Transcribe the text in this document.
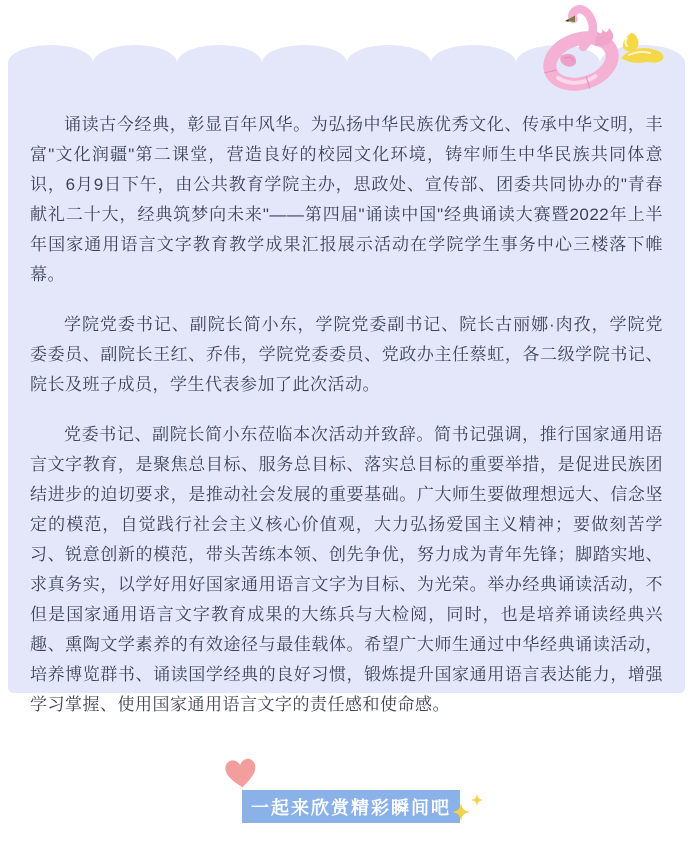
诵读古今经典，彰显百年风华。为弘扬中华民族优秀文化、传承中华文明，丰富"文化润疆"第二课堂，营造良好的校园文化环境，铸牢师生中华民族共同体意识，6月9日下午，由公共教育学院主办，思政处、宣传部、团委共同协办的"青春献礼二十大，经典筑梦向未来"——第四届"诵读中国"经典诵读大赛暨2022年上半年国家通用语言文字教育教学成果汇报展示活动在学院学生事务中心三楼落下帷幕。

学院党委书记、副院长简小东，学院党委副书记、院长古丽娜·肉孜，学院党委委员、副院长王红、乔伟，学院党委委员、党政办主任蔡虹，各二级学院书记、院长及班子成员，学生代表参加了此次活动。

党委书记、副院长简小东莅临本次活动并致辞。简书记强调，推行国家通用语言文字教育，是聚焦总目标、服务总目标、落实总目标的重要举措，是促进民族团结进步的迫切要求，是推动社会发展的重要基础。广大师生要做理想远大、信念坚定的模范，自觉践行社会主义核心价值观，大力弘扬爱国主义精神；要做刻苦学习、锐意创新的模范，带头苦练本领、创先争优，努力成为青年先锋；脚踏实地、求真务实，以学好用好国家通用语言文字为目标、为光荣。举办经典诵读活动，不但是国家通用语言文字教育成果的大练兵与大检阅，同时，也是培养诵读经典兴趣、熏陶文学素养的有效途径与最佳载体。希望广大师生通过中华经典诵读活动，培养博览群书、诵读国学经典的良好习惯，锻炼提升国家通用语言表达能力，增强学习掌握、使用国家通用语言文字的责任感和使命感。

一起来欣赏精彩瞬间吧
